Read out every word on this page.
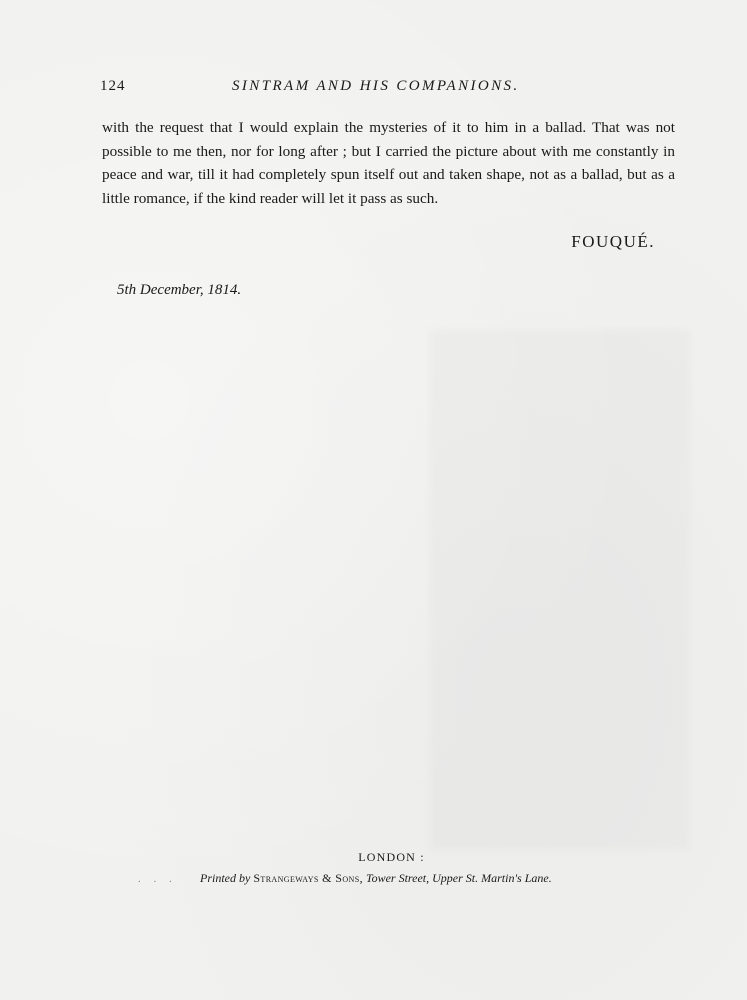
124	SINTRAM AND HIS COMPANIONS.

with the request that I would explain the mysteries of it to him in a ballad. That was not possible to me then, nor for long after ; but I carried the picture about with me constantly in peace and war, till it had completely spun itself out and taken shape, not as a ballad, but as a little romance, if the kind reader will let it pass as such.

FOUQUÉ.
5th December, 1814.
LONDON :
. . . Printed by Strangeways & Sons, Tower Street, Upper St. Martin's Lane.
